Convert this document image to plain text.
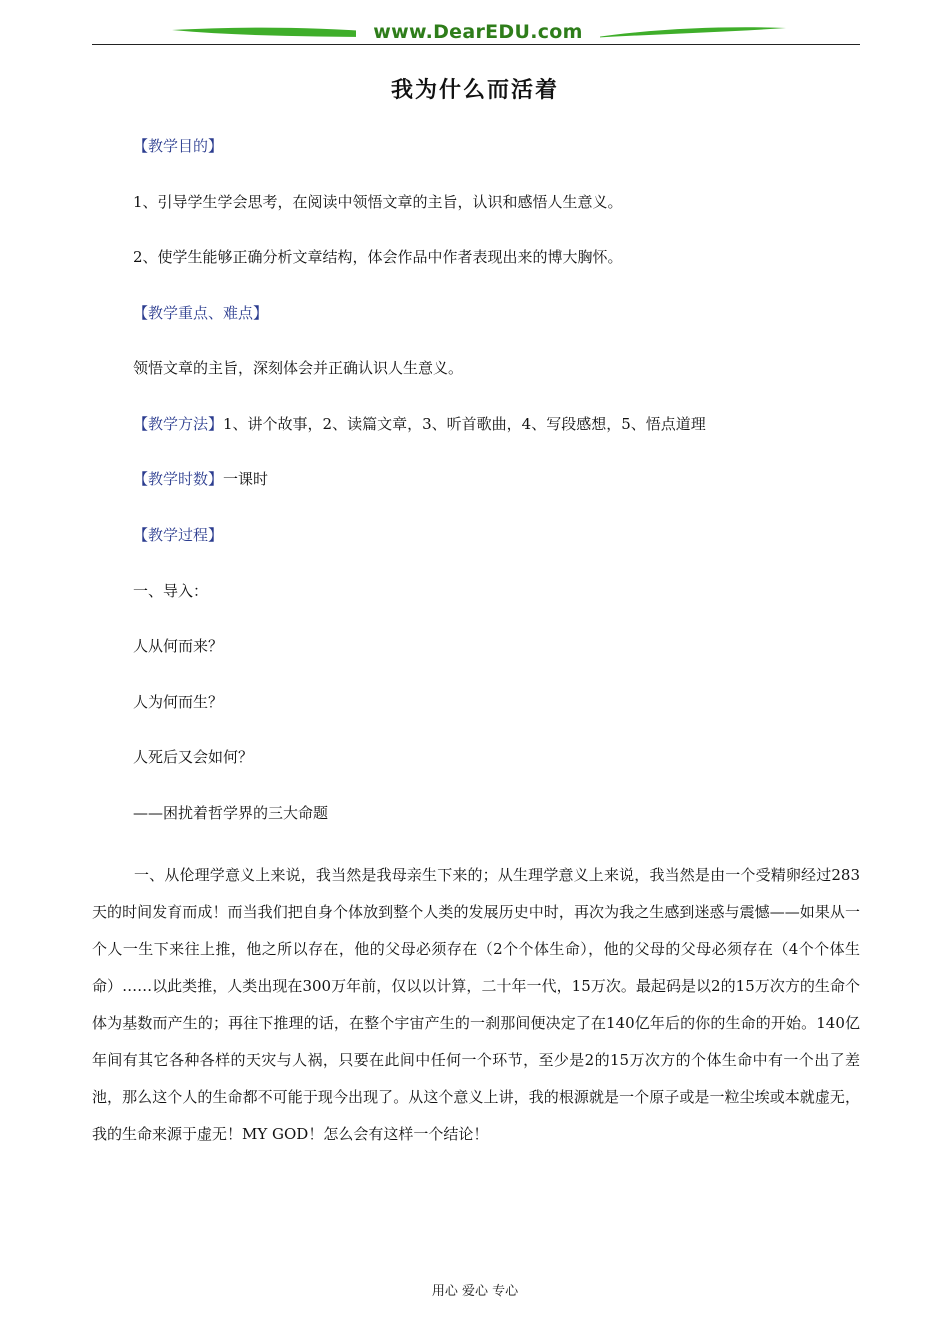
www.DearEDU.com
我为什么而活着
【教学目的】
1、引导学生学会思考，在阅读中领悟文章的主旨，认识和感悟人生意义。
2、使学生能够正确分析文章结构，体会作品中作者表现出来的博大胸怀。
【教学重点、难点】
领悟文章的主旨，深刻体会并正确认识人生意义。
【教学方法】1、讲个故事，2、读篇文章，3、听首歌曲，4、写段感想，5、悟点道理
【教学时数】一课时
【教学过程】
一、导入：
人从何而来？
人为何而生？
人死后又会如何？
——困扰着哲学界的三大命题

一、从伦理学意义上来说，我当然是我母亲生下来的；从生理学意义上来说，我当然是由一个受精卵经过283天的时间发育而成！而当我们把自身个体放到整个人类的发展历史中时，再次为我之生感到迷惑与震憾——如果从一个人一生下来往上推，他之所以存在，他的父母必须存在（2个个体生命），他的父母的父母必须存在（4个个体生命）……以此类推，人类出现在300万年前，仅以以计算，二十年一代，15万次。最起码是以2的15万次方的生命个体为基数而产生的；再往下推理的话，在整个宇宙产生的一刹那间便决定了在140亿年后的你的生命的开始。140亿年间有其它各种各样的天灾与人祸，只要在此间中任何一个环节，至少是2的15万次方的个体生命中有一个出了差池，那么这个人的生命都不可能于现今出现了。从这个意义上讲，我的根源就是一个原子或是一粒尘埃或本就虚无，我的生命来源于虚无！MY GOD！怎么会有这样一个结论！

用心 爱心 专心
